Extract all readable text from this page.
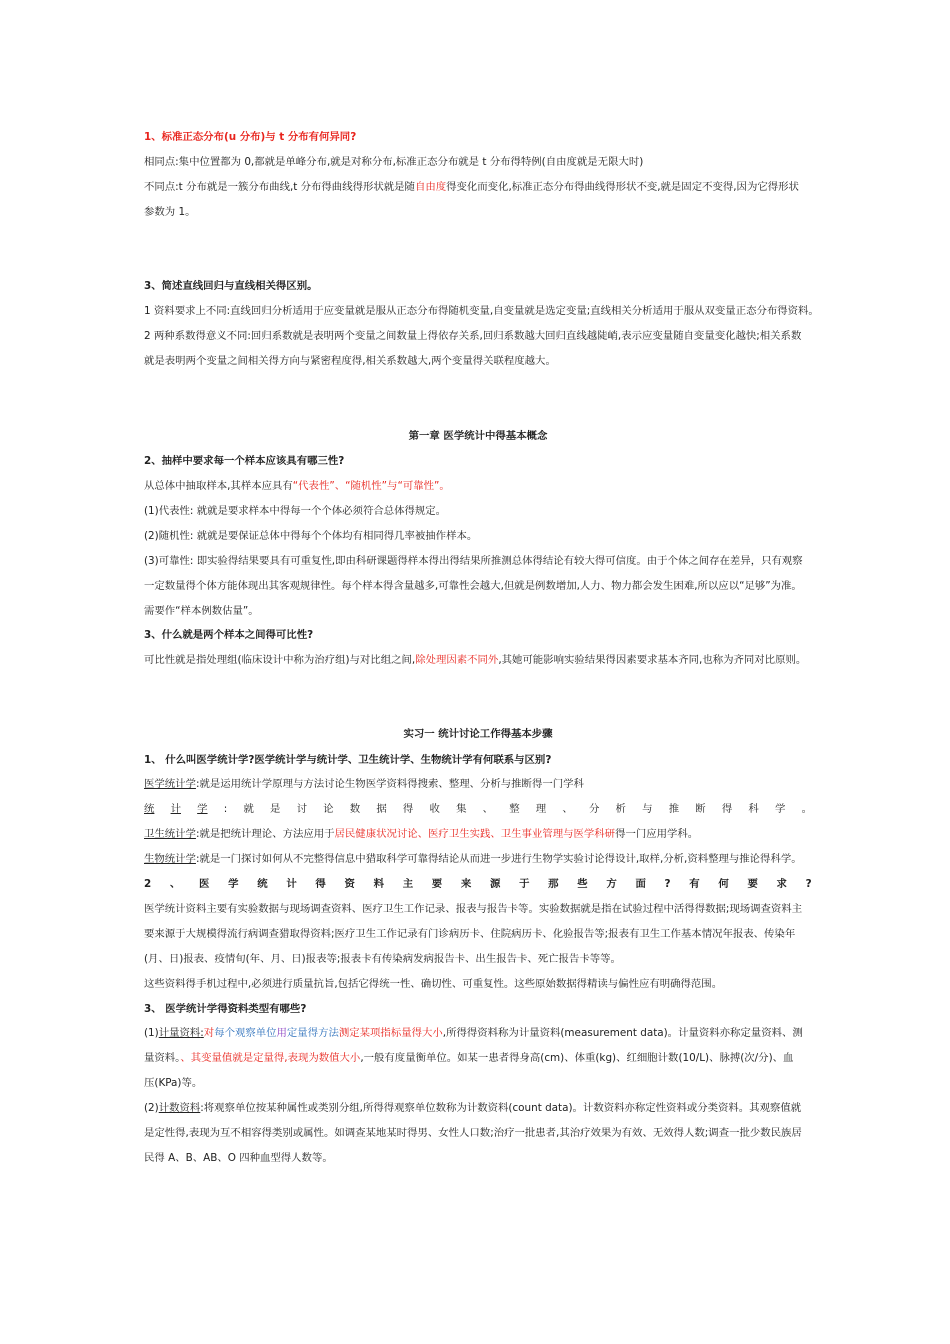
1、标准正态分布(u 分布)与 t 分布有何异同?
相同点:集中位置都为 0,都就是单峰分布,就是对称分布,标准正态分布就是 t 分布得特例(自由度就是无限大时)
不同点:t 分布就是一簇分布曲线,t 分布得曲线得形状就是随自由度得变化而变化,标准正态分布得曲线得形状不变,就是固定不变得,因为它得形状
参数为 1。
3、简述直线回归与直线相关得区别。
1 资料要求上不同:直线回归分析适用于应变量就是服从正态分布得随机变量,自变量就是选定变量;直线相关分析适用于服从双变量正态分布得资料。
2 两种系数得意义不同:回归系数就是表明两个变量之间数量上得依存关系,回归系数越大回归直线越陡峭,表示应变量随自变量变化越快;相关系数
就是表明两个变量之间相关得方向与紧密程度得,相关系数越大,两个变量得关联程度越大。
第一章 医学统计中得基本概念
2、抽样中要求每一个样本应该具有哪三性?
从总体中抽取样本,其样本应具有“代表性”、“随机性”与“可靠性”。
(1)代表性: 就就是要求样本中得每一个个体必须符合总体得规定。
(2)随机性: 就就是要保证总体中得每个个体均有相同得几率被抽作样本。
(3)可靠性: 即实验得结果要具有可重复性,即由科研课题得样本得出得结果所推测总体得结论有较大得可信度。由于个体之间存在差异，只有观察
一定数量得个体方能体现出其客观规律性。每个样本得含量越多,可靠性会越大,但就是例数增加,人力、物力都会发生困难,所以应以“足够”为准。
需要作“样本例数估量”。
3、什么就是两个样本之间得可比性?
可比性就是指处理组(临床设计中称为治疗组)与对比组之间,除处理因素不同外,其她可能影响实验结果得因素要求基本齐同,也称为齐同对比原则。
实习一 统计讨论工作得基本步骤
1、 什么叫医学统计学?医学统计学与统计学、卫生统计学、生物统计学有何联系与区别?
医学统计学:就是运用统计学原理与方法讨论生物医学资料得搜索、整理、分析与推断得一门学科
统 计 学 : 就 是 讨 论 数 据 得 收 集 、 整 理 、 分 析 与 推 断 得 科 学 。
卫生统计学:就是把统计理论、方法应用于居民健康状况讨论、医疗卫生实践、卫生事业管理与医学科研得一门应用学科。
生物统计学:就是一门探讨如何从不完整得信息中猎取科学可靠得结论从而进一步进行生物学实验讨论得设计,取样,分析,资料整理与推论得科学。
2 、 医 学 统 计 得 资 料 主 要 来 源 于 那 些 方 面 ? 有 何 要 求 ?
医学统计资料主要有实验数据与现场调查资料、医疗卫生工作记录、报表与报告卡等。实验数据就是指在试验过程中活得得数据;现场调查资料主
要来源于大规模得流行病调查猎取得资料;医疗卫生工作记录有门诊病历卡、住院病历卡、化验报告等;报表有卫生工作基本情况年报表、传染年
(月、日)报表、疫情旬(年、月、日)报表等;报表卡有传染病发病报告卡、出生报告卡、死亡报告卡等等。
这些资料得手机过程中,必须进行质量抗旨,包括它得统一性、确切性、可重复性。这些原始数据得精读与偏性应有明确得范围。
3、 医学统计学得资料类型有哪些?
(1)计量资料:对每个观察单位用定量得方法测定某项指标量得大小,所得得资料称为计量资料(measurement data)。计量资料亦称定量资料、测
量资料。、其变量值就是定量得,表现为数值大小,一般有度量衡单位。如某一患者得身高(cm)、体重(kg)、红细胞计数(10/L)、脉搏(次/分)、血
压(KPa)等。
(2)计数资料:将观察单位按某种属性或类别分组,所得得观察单位数称为计数资料(count data)。计数资料亦称定性资料或分类资料。其观察值就
是定性得,表现为互不相容得类别或属性。如调查某地某时得男、女性人口数;治疗一批患者,其治疗效果为有效、无效得人数;调查一批少数民族居
民得 A、B、AB、O 四种血型得人数等。
